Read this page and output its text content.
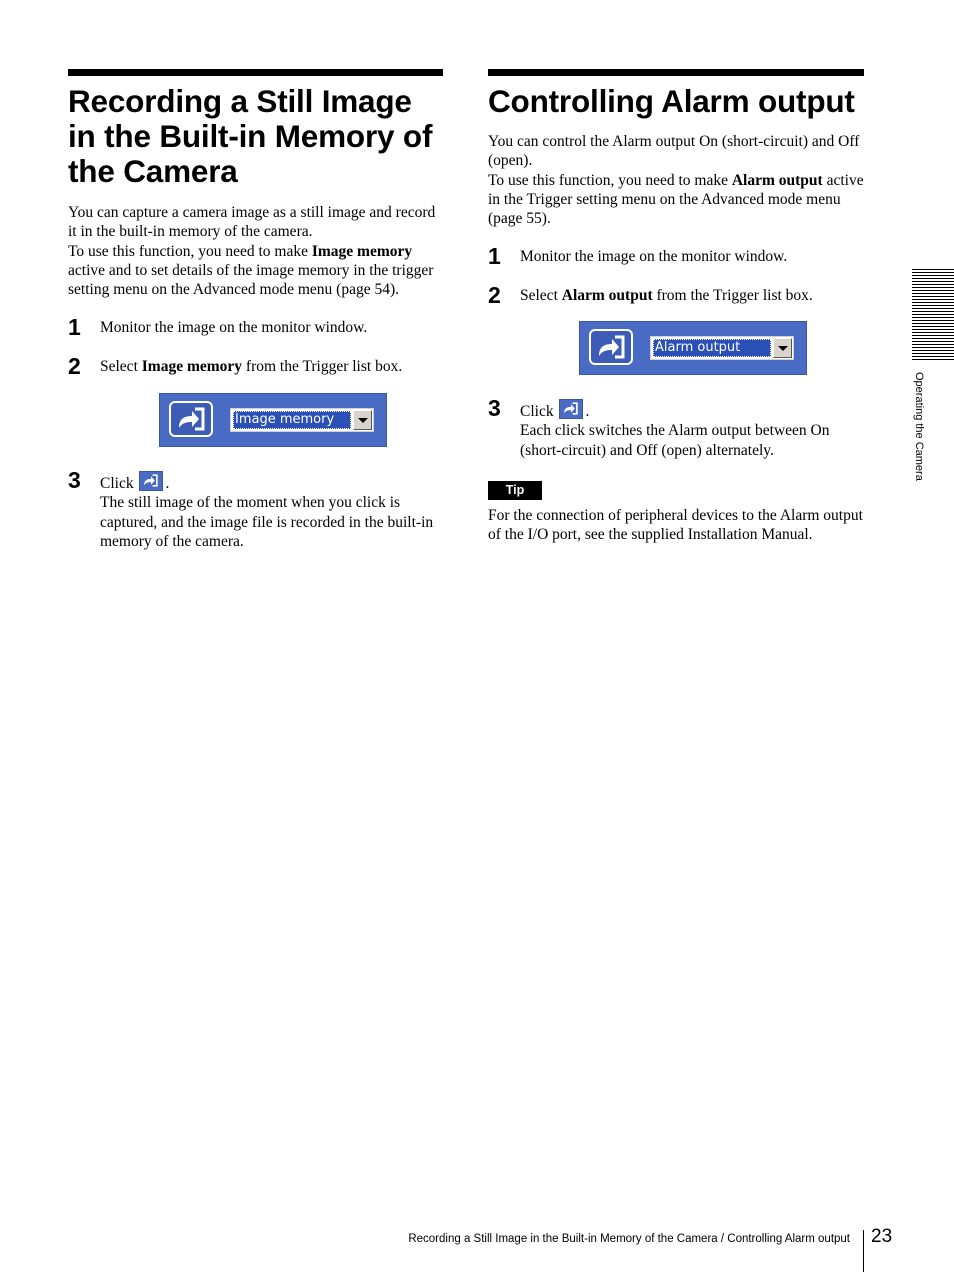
Recording a Still Image in the Built-in Memory of the Camera

You can capture a camera image as a still image and record it in the built-in memory of the camera.

To use this function, you need to make Image memory active and to set details of the image memory in the trigger setting menu on the Advanced mode menu (page 54).

1 Monitor the image on the monitor window.

2 Select Image memory from the Trigger list box.

Image memory
3 Click .

The still image of the moment when you click is captured, and the image file is recorded in the built-in memory of the camera.

Controlling Alarm output

You can control the Alarm output On (short-circuit) and Off (open).

To use this function, you need to make Alarm output active in the Trigger setting menu on the Advanced mode menu (page 55).

1 Monitor the image on the monitor window.

2 Select Alarm output from the Trigger list box.

Alarm output
3 Click .

Each click switches the Alarm output between On (short-circuit) and Off (open) alternately.

Tip

For the connection of peripheral devices to the Alarm output of the I/O port, see the supplied Installation Manual.

Operating the Camera
Recording a Still Image in the Built-in Memory of the Camera / Controlling Alarm output 23
